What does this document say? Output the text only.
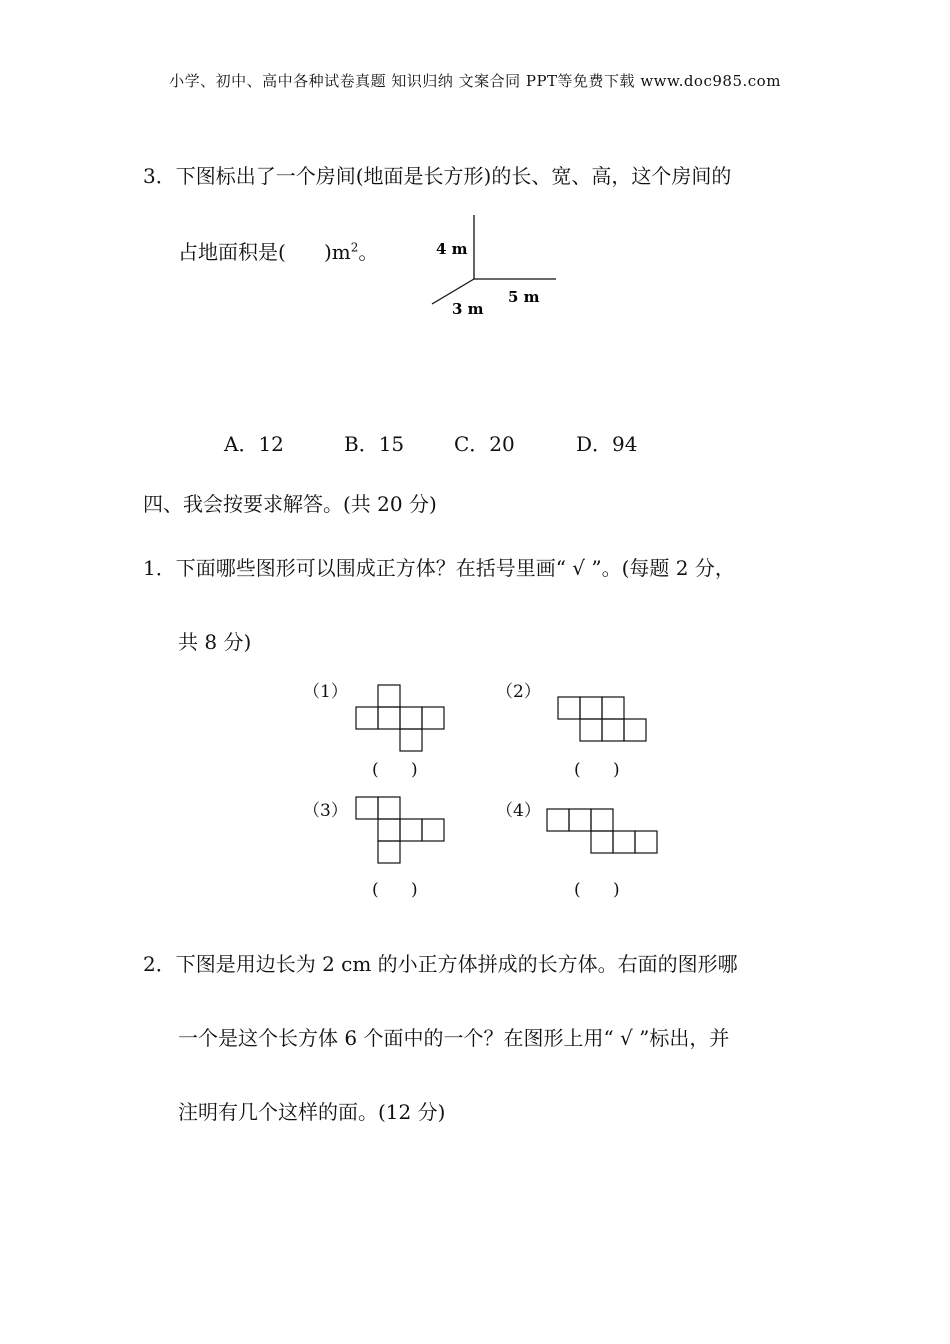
小学、初中、高中各种试卷真题 知识归纳 文案合同 PPT等免费下载 www.doc985.com
3．下图标出了一个房间(地面是长方形)的长、宽、高，这个房间的
占地面积是( )$m^2$。	4 m
3 m
5 m
A．12	B．15 C．20	D．94
四、我会按要求解答。(共 20 分)
1．下面哪些图形可以围成正方体？在括号里画“ √ ”。(每题 2 分，
共 8 分)
（1）	（2）
（3）	（4）
(      )	(      )
(      )	(      )
2．下图是用边长为 2 cm 的小正方体拼成的长方体。右面的图形哪
一个是这个长方体 6 个面中的一个？在图形上用“ √ ”标出，并
注明有几个这样的面。(12 分)
